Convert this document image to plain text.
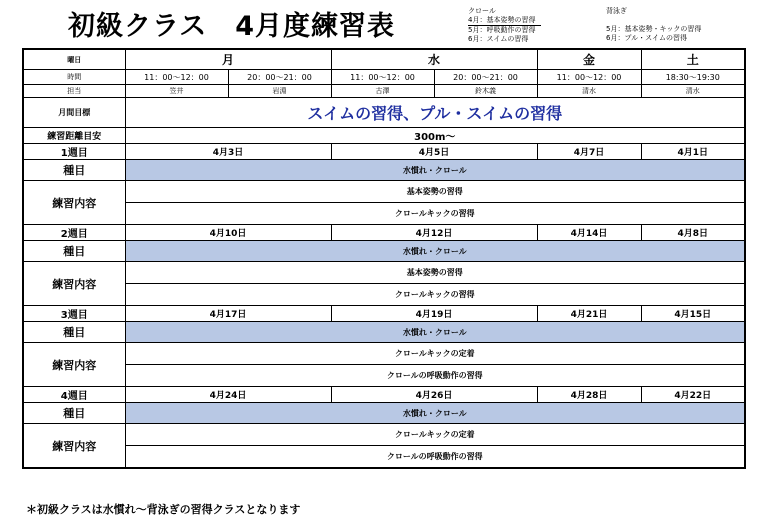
初級クラス　4月度練習表	クロール
4月：基本姿勢の習得
5月：呼吸動作の習得
6月：スイムの習得
背泳ぎ

5月：基本姿勢・キックの習得
6月：プル・スイムの習得
曜日	月		水		金	土
時間	11：00～12：00	20：00～21：00	11：00～12：00	20：00～21：00	11：00～12：00	18:30～19:30
担当	笠井	岩淵	古澤	鈴木義	清水	清水
月間目標	スイムの習得、プル・スイムの習得					
練習距離目安	300m～					
1週目	4月3日		4月5日		4月7日	4月1日
種目	水慣れ・クロール					
練習内容	基本姿勢の習得					
	クロールキックの習得					
2週目	4月10日		4月12日		4月14日	4月8日
種目	水慣れ・クロール					
練習内容	基本姿勢の習得					
	クロールキックの習得					
3週目	4月17日		4月19日		4月21日	4月15日
種目	水慣れ・クロール					
練習内容	クロールキックの定着					
	クロールの呼吸動作の習得					
4週目	4月24日		4月26日		4月28日	4月22日
種目	水慣れ・クロール					
練習内容	クロールキックの定着					
	クロールの呼吸動作の習得					
＊初級クラスは水慣れ～背泳ぎの習得クラスとなります
